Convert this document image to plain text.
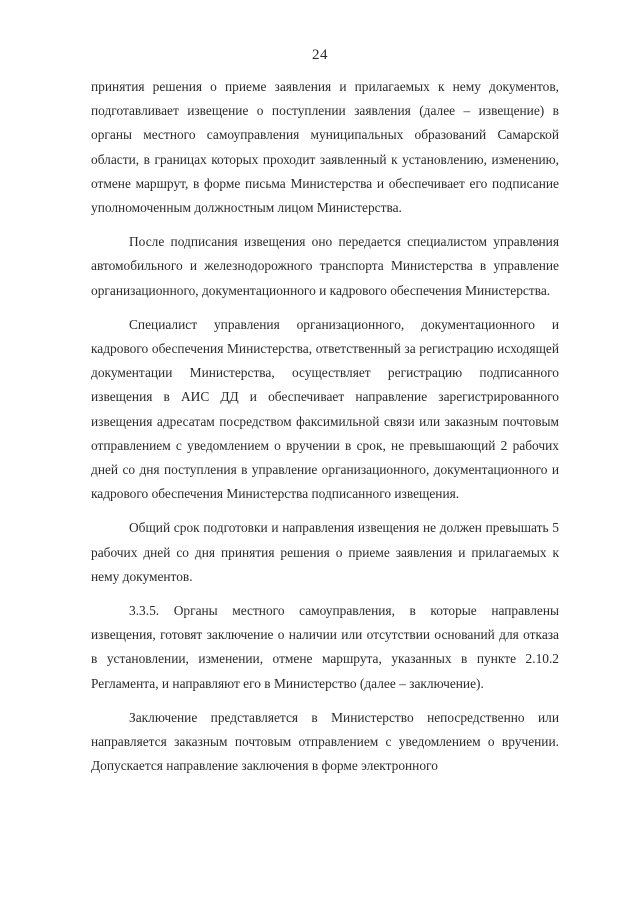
24

принятия решения о приеме заявления и прилагаемых к нему документов, подготавливает извещение о поступлении заявления (далее – извещение) в органы местного самоуправления муниципальных образований Самарской области, в границах которых проходит заявленный к установлению, изменению, отмене маршрут, в форме письма Министерства и обеспечивает его подписание уполномоченным должностным лицом Министерства.

После подписания извещения оно передается специалистом управления автомобильного и железнодорожного транспорта Министерства в управление организационного, документационного и кадрового обеспечения Министерства.

Специалист управления организационного, документационного и кадрового обеспечения Министерства, ответственный за регистрацию исходящей документации Министерства, осуществляет регистрацию подписанного извещения в АИС ДД и обеспечивает направление зарегистрированного извещения адресатам посредством факсимильной связи или заказным почтовым отправлением с уведомлением о вручении в срок, не превышающий 2 рабочих дней со дня поступления в управление организационного, документационного и кадрового обеспечения Министерства подписанного извещения.

Общий срок подготовки и направления извещения не должен превышать 5 рабочих дней со дня принятия решения о приеме заявления и прилагаемых к нему документов.

3.3.5. Органы местного самоуправления, в которые направлены извещения, готовят заключение о наличии или отсутствии оснований для отказа в установлении, изменении, отмене маршрута, указанных в пункте 2.10.2 Регламента, и направляют его в Министерство (далее – заключение).

Заключение представляется в Министерство непосредственно или направляется заказным почтовым отправлением с уведомлением о вручении. Допускается направление заключения в форме электронного
